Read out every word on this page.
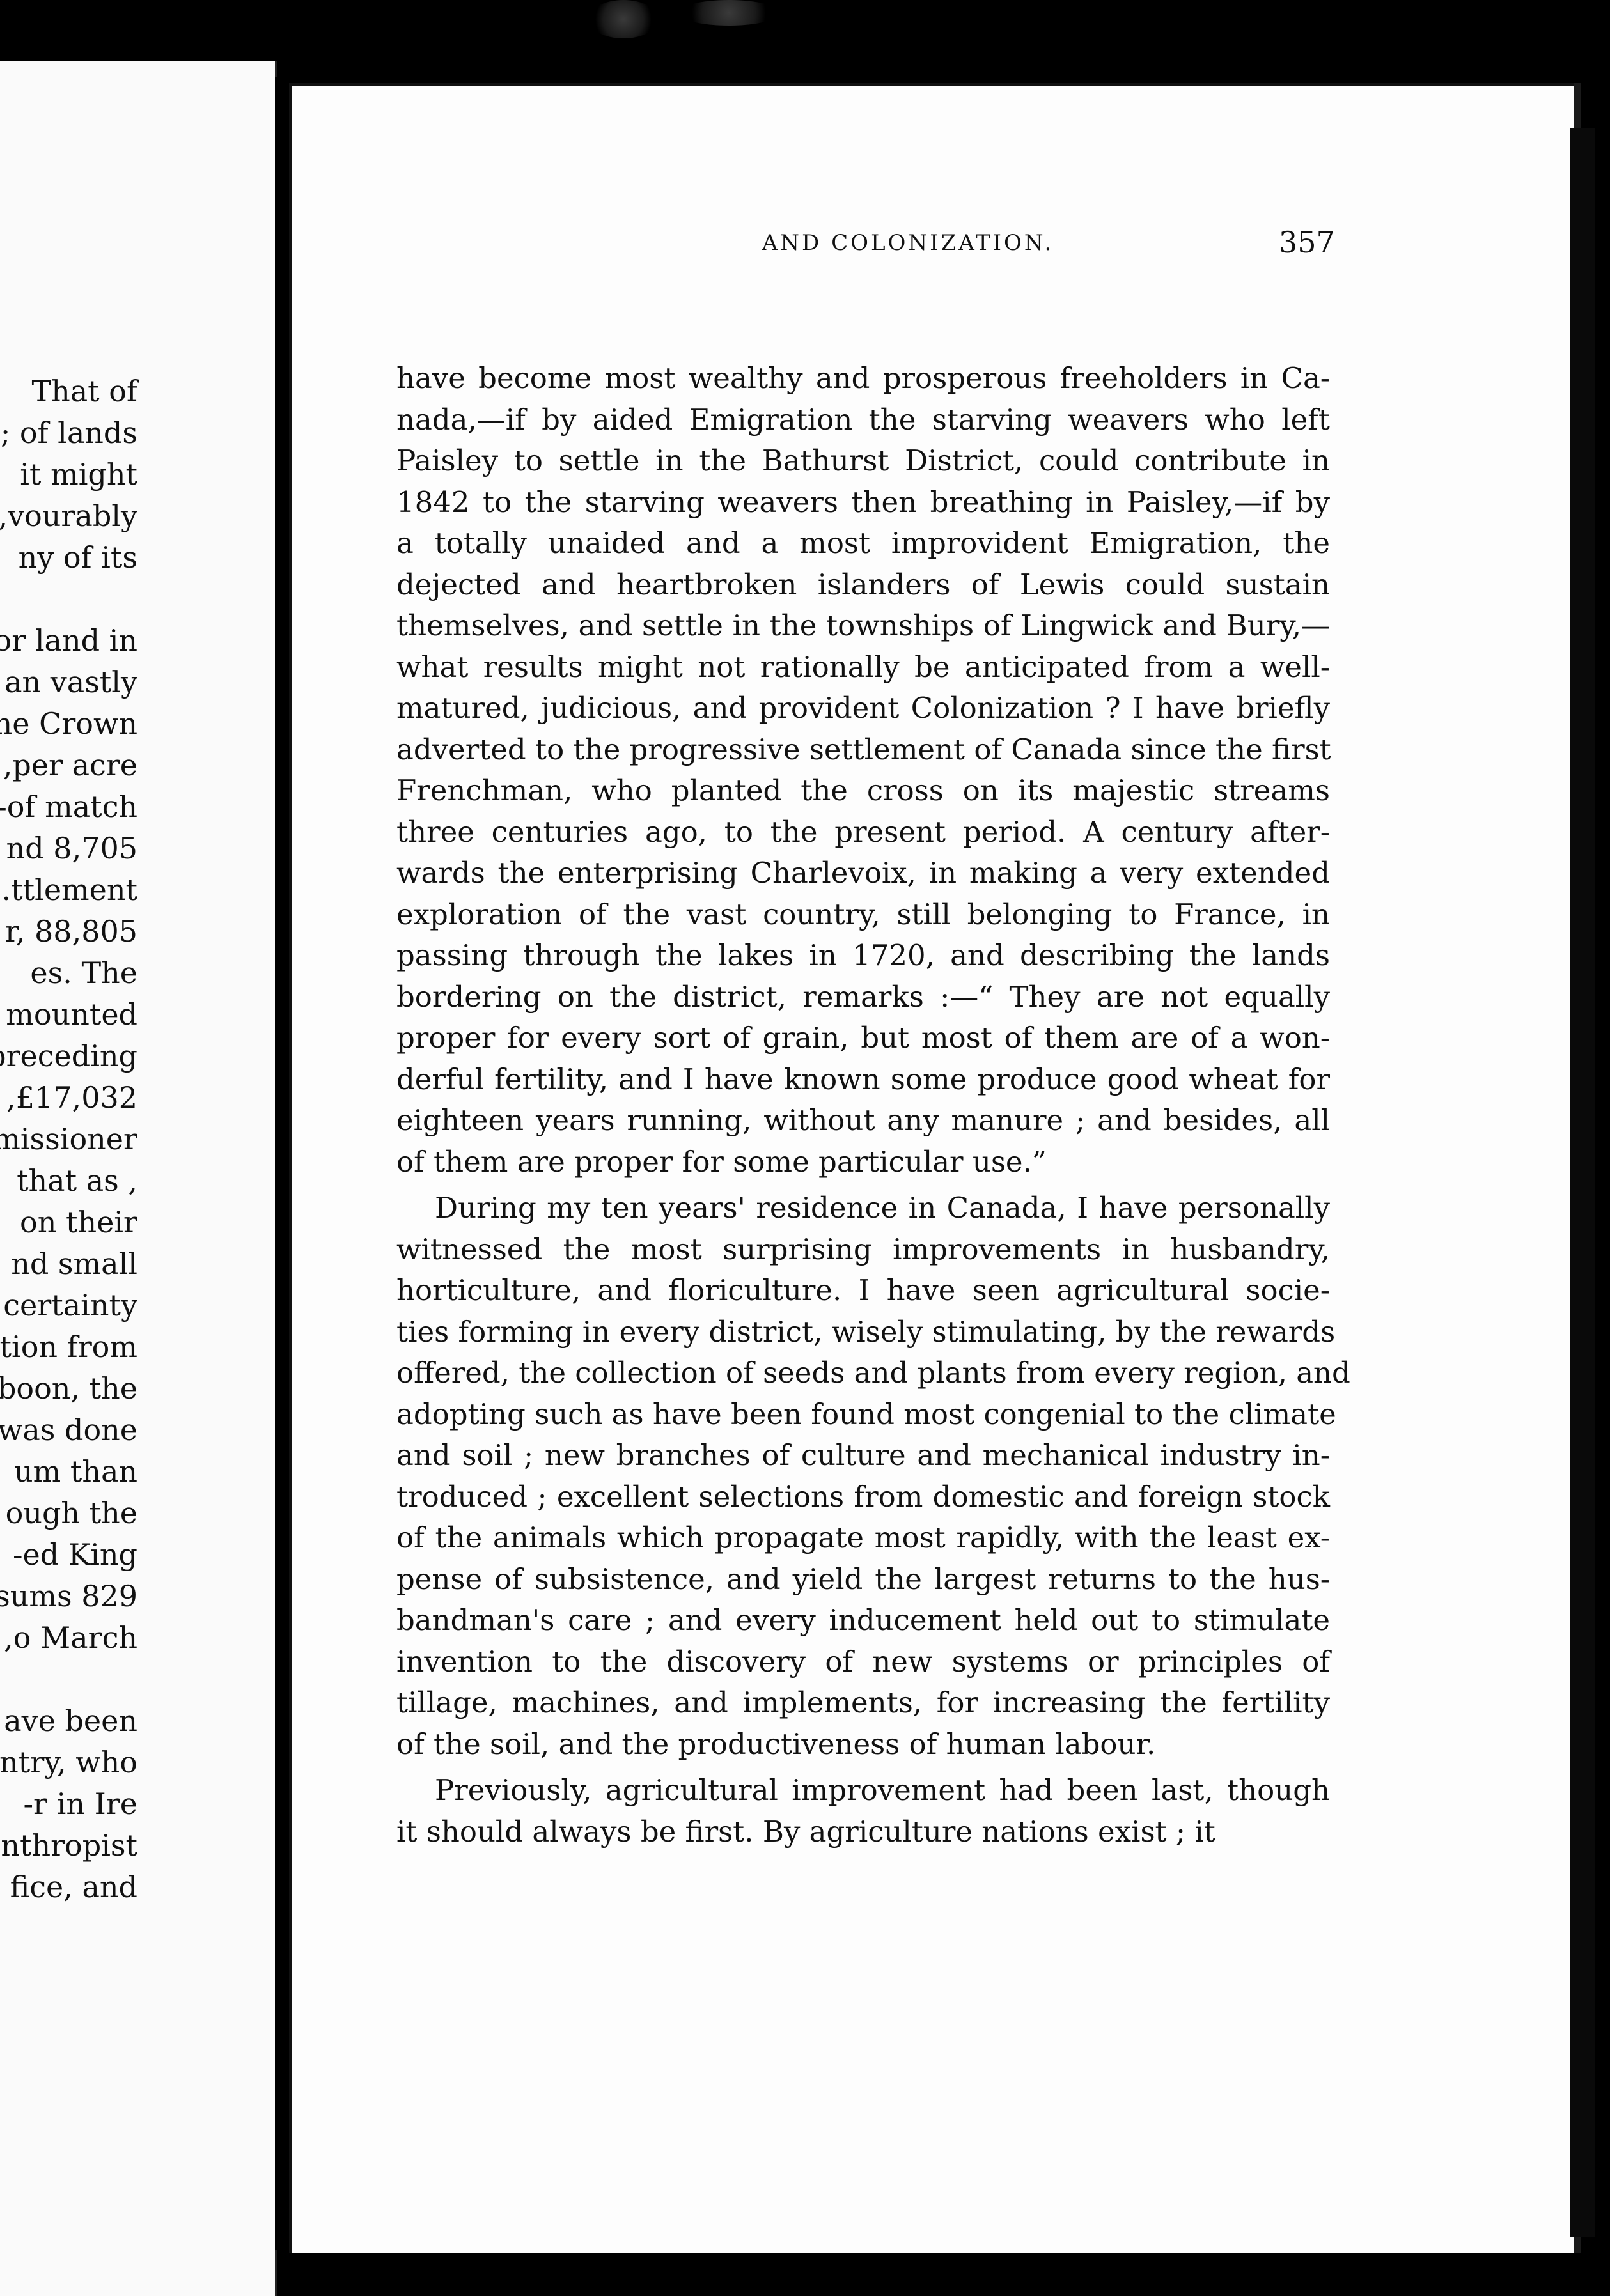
AND COLONIZATION.	357
have become most wealthy and prosperous freeholders in Ca-
nada,—if by aided Emigration the starving weavers who left
Paisley to settle in the Bathurst District, could contribute in
1842 to the starving weavers then breathing in Paisley,—if by
a totally unaided and a most improvident Emigration, the
dejected and heartbroken islanders of Lewis could sustain
themselves, and settle in the townships of Lingwick and Bury,—
what results might not rationally be anticipated from a well-
matured, judicious, and provident Colonization ? I have briefly
adverted to the progressive settlement of Canada since the first
Frenchman, who planted the cross on its majestic streams
three centuries ago, to the present period. A century after-
wards the enterprising Charlevoix, in making a very extended
exploration of the vast country, still belonging to France, in
passing through the lakes in 1720, and describing the lands
bordering on the district, remarks :—“ They are not equally
proper for every sort of grain, but most of them are of a won-
derful fertility, and I have known some produce good wheat for
eighteen years running, without any manure ; and besides, all
of them are proper for some particular use.”
During my ten years' residence in Canada, I have personally
witnessed the most surprising improvements in husbandry,
horticulture, and floriculture. I have seen agricultural socie-
ties forming in every district, wisely stimulating, by the rewards
offered, the collection of seeds and plants from every region, and
adopting such as have been found most congenial to the climate
and soil ; new branches of culture and mechanical industry in-
troduced ; excellent selections from domestic and foreign stock
of the animals which propagate most rapidly, with the least ex-
pense of subsistence, and yield the largest returns to the hus-
bandman's care ; and every inducement held out to stimulate
invention to the discovery of new systems or principles of
tillage, machines, and implements, for increasing the fertility
of the soil, and the productiveness of human labour.
Previously, agricultural improvement had been last, though
it should always be first. By agriculture nations exist ; it
